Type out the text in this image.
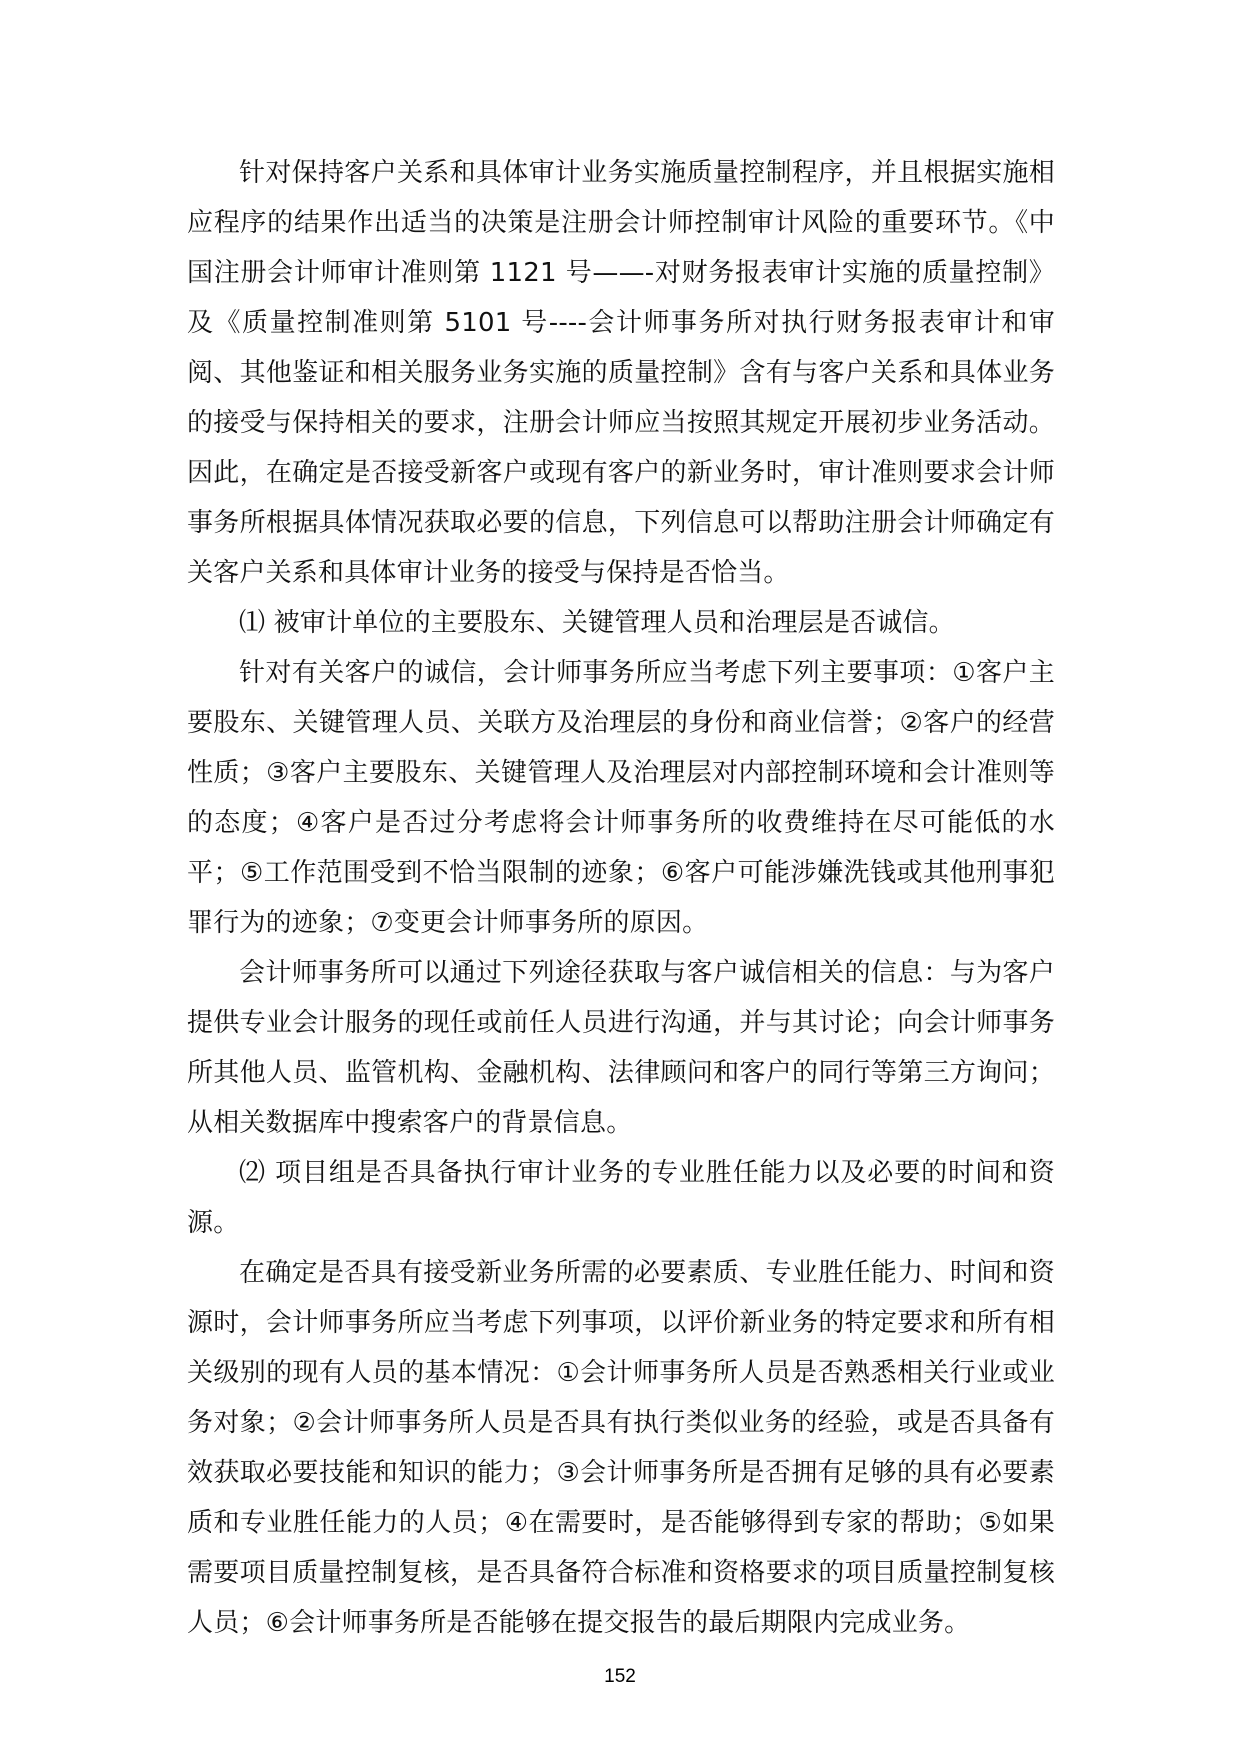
针对保持客户关系和具体审计业务实施质量控制程序，并且根据实施相应程序的结果作出适当的决策是注册会计师控制审计风险的重要环节。《中国注册会计师审计准则第 1121 号——-对财务报表审计实施的质量控制》及《质量控制准则第 5101 号----会计师事务所对执行财务报表审计和审阅、其他鉴证和相关服务业务实施的质量控制》含有与客户关系和具体业务的接受与保持相关的要求，注册会计师应当按照其规定开展初步业务活动。因此，在确定是否接受新客户或现有客户的新业务时，审计准则要求会计师事务所根据具体情况获取必要的信息，下列信息可以帮助注册会计师确定有关客户关系和具体审计业务的接受与保持是否恰当。

⑴ 被审计单位的主要股东、关键管理人员和治理层是否诚信。

针对有关客户的诚信，会计师事务所应当考虑下列主要事项：①客户主要股东、关键管理人员、关联方及治理层的身份和商业信誉；②客户的经营性质；③客户主要股东、关键管理人及治理层对内部控制环境和会计准则等的态度；④客户是否过分考虑将会计师事务所的收费维持在尽可能低的水平；⑤工作范围受到不恰当限制的迹象；⑥客户可能涉嫌洗钱或其他刑事犯罪行为的迹象；⑦变更会计师事务所的原因。

会计师事务所可以通过下列途径获取与客户诚信相关的信息：与为客户提供专业会计服务的现任或前任人员进行沟通，并与其讨论；向会计师事务所其他人员、监管机构、金融机构、法律顾问和客户的同行等第三方询问；从相关数据库中搜索客户的背景信息。

⑵ 项目组是否具备执行审计业务的专业胜任能力以及必要的时间和资源。

在确定是否具有接受新业务所需的必要素质、专业胜任能力、时间和资源时，会计师事务所应当考虑下列事项，以评价新业务的特定要求和所有相关级别的现有人员的基本情况：①会计师事务所人员是否熟悉相关行业或业务对象；②会计师事务所人员是否具有执行类似业务的经验，或是否具备有效获取必要技能和知识的能力；③会计师事务所是否拥有足够的具有必要素质和专业胜任能力的人员；④在需要时，是否能够得到专家的帮助；⑤如果需要项目质量控制复核，是否具备符合标准和资格要求的项目质量控制复核人员；⑥会计师事务所是否能够在提交报告的最后期限内完成业务。

152
